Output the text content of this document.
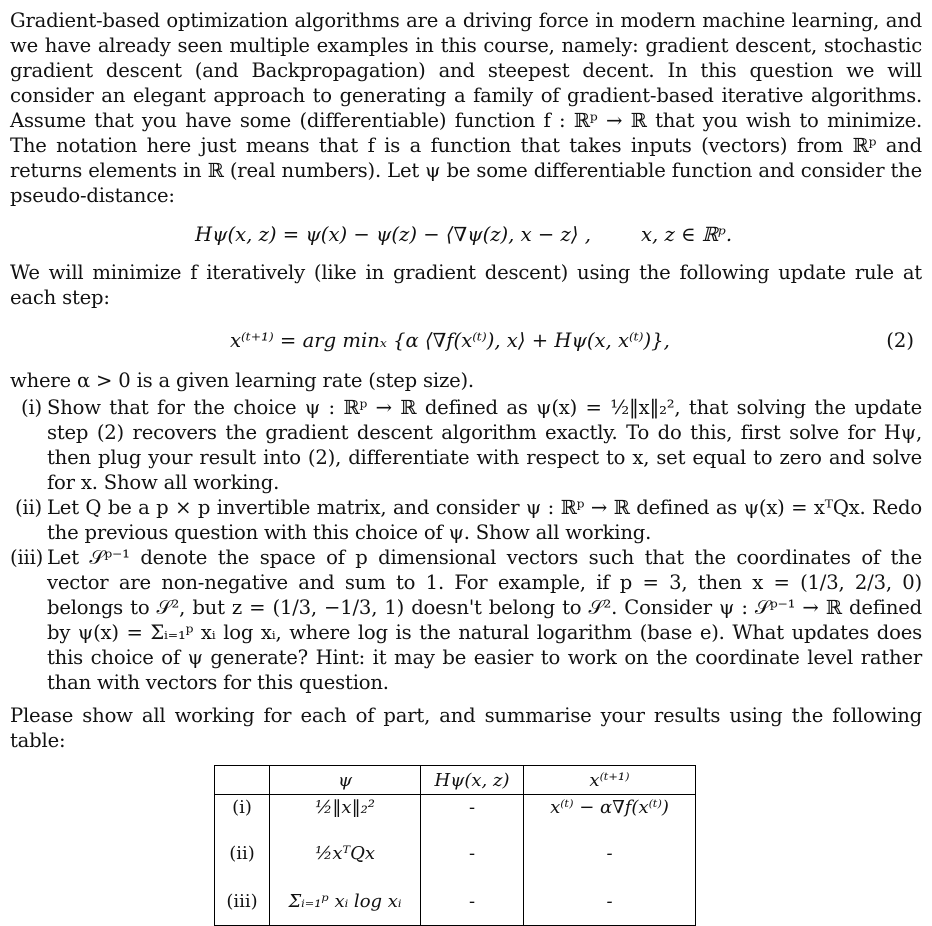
Gradient-based optimization algorithms are a driving force in modern machine learning, and we have already seen multiple examples in this course, namely: gradient descent, stochastic gradient descent (and Backpropagation) and steepest decent. In this question we will consider an elegant approach to generating a family of gradient-based iterative algorithms. Assume that you have some (differentiable) function f : ℝᵖ → ℝ that you wish to minimize. The notation here just means that f is a function that takes inputs (vectors) from ℝᵖ and returns elements in ℝ (real numbers). Let ψ be some differentiable function and consider the pseudo-distance:

Hψ(x, z) = ψ(x) − ψ(z) − ⟨∇ψ(z), x − z⟩ ,	x, z ∈ ℝᵖ.

We will minimize f iteratively (like in gradient descent) using the following update rule at each step:

x⁽ᵗ⁺¹⁾ = arg minₓ {α ⟨∇f(x⁽ᵗ⁾), x⟩ + Hψ(x, x⁽ᵗ⁾)},	(2)

where α > 0 is a given learning rate (step size).

(i) Show that for the choice ψ : ℝᵖ → ℝ defined as ψ(x) = ½‖x‖₂², that solving the update step (2) recovers the gradient descent algorithm exactly. To do this, first solve for Hψ, then plug your result into (2), differentiate with respect to x, set equal to zero and solve for x. Show all working.
(ii) Let Q be a p × p invertible matrix, and consider ψ : ℝᵖ → ℝ defined as ψ(x) = xᵀQx. Redo the previous question with this choice of ψ. Show all working.
(iii) Let 𝒮ᵖ⁻¹ denote the space of p dimensional vectors such that the coordinates of the vector are non-negative and sum to 1. For example, if p = 3, then x = (1/3, 2/3, 0) belongs to 𝒮², but z = (1/3, −1/3, 1) doesn't belong to 𝒮². Consider ψ : 𝒮ᵖ⁻¹ → ℝ defined by ψ(x) = Σᵢ₌₁ᵖ xᵢ log xᵢ, where log is the natural logarithm (base e). What updates does this choice of ψ generate? Hint: it may be easier to work on the coordinate level rather than with vectors for this question.

Please show all working for each of part, and summarise your results using the following table:

	ψ	Hψ(x, z)	x⁽ᵗ⁺¹⁾
(i)	½‖x‖₂²	-	x⁽ᵗ⁾ − α∇f(x⁽ᵗ⁾)
(ii)	½xᵀQx	-	-
(iii)	Σᵢ₌₁ᵖ xᵢ log xᵢ	-	-
